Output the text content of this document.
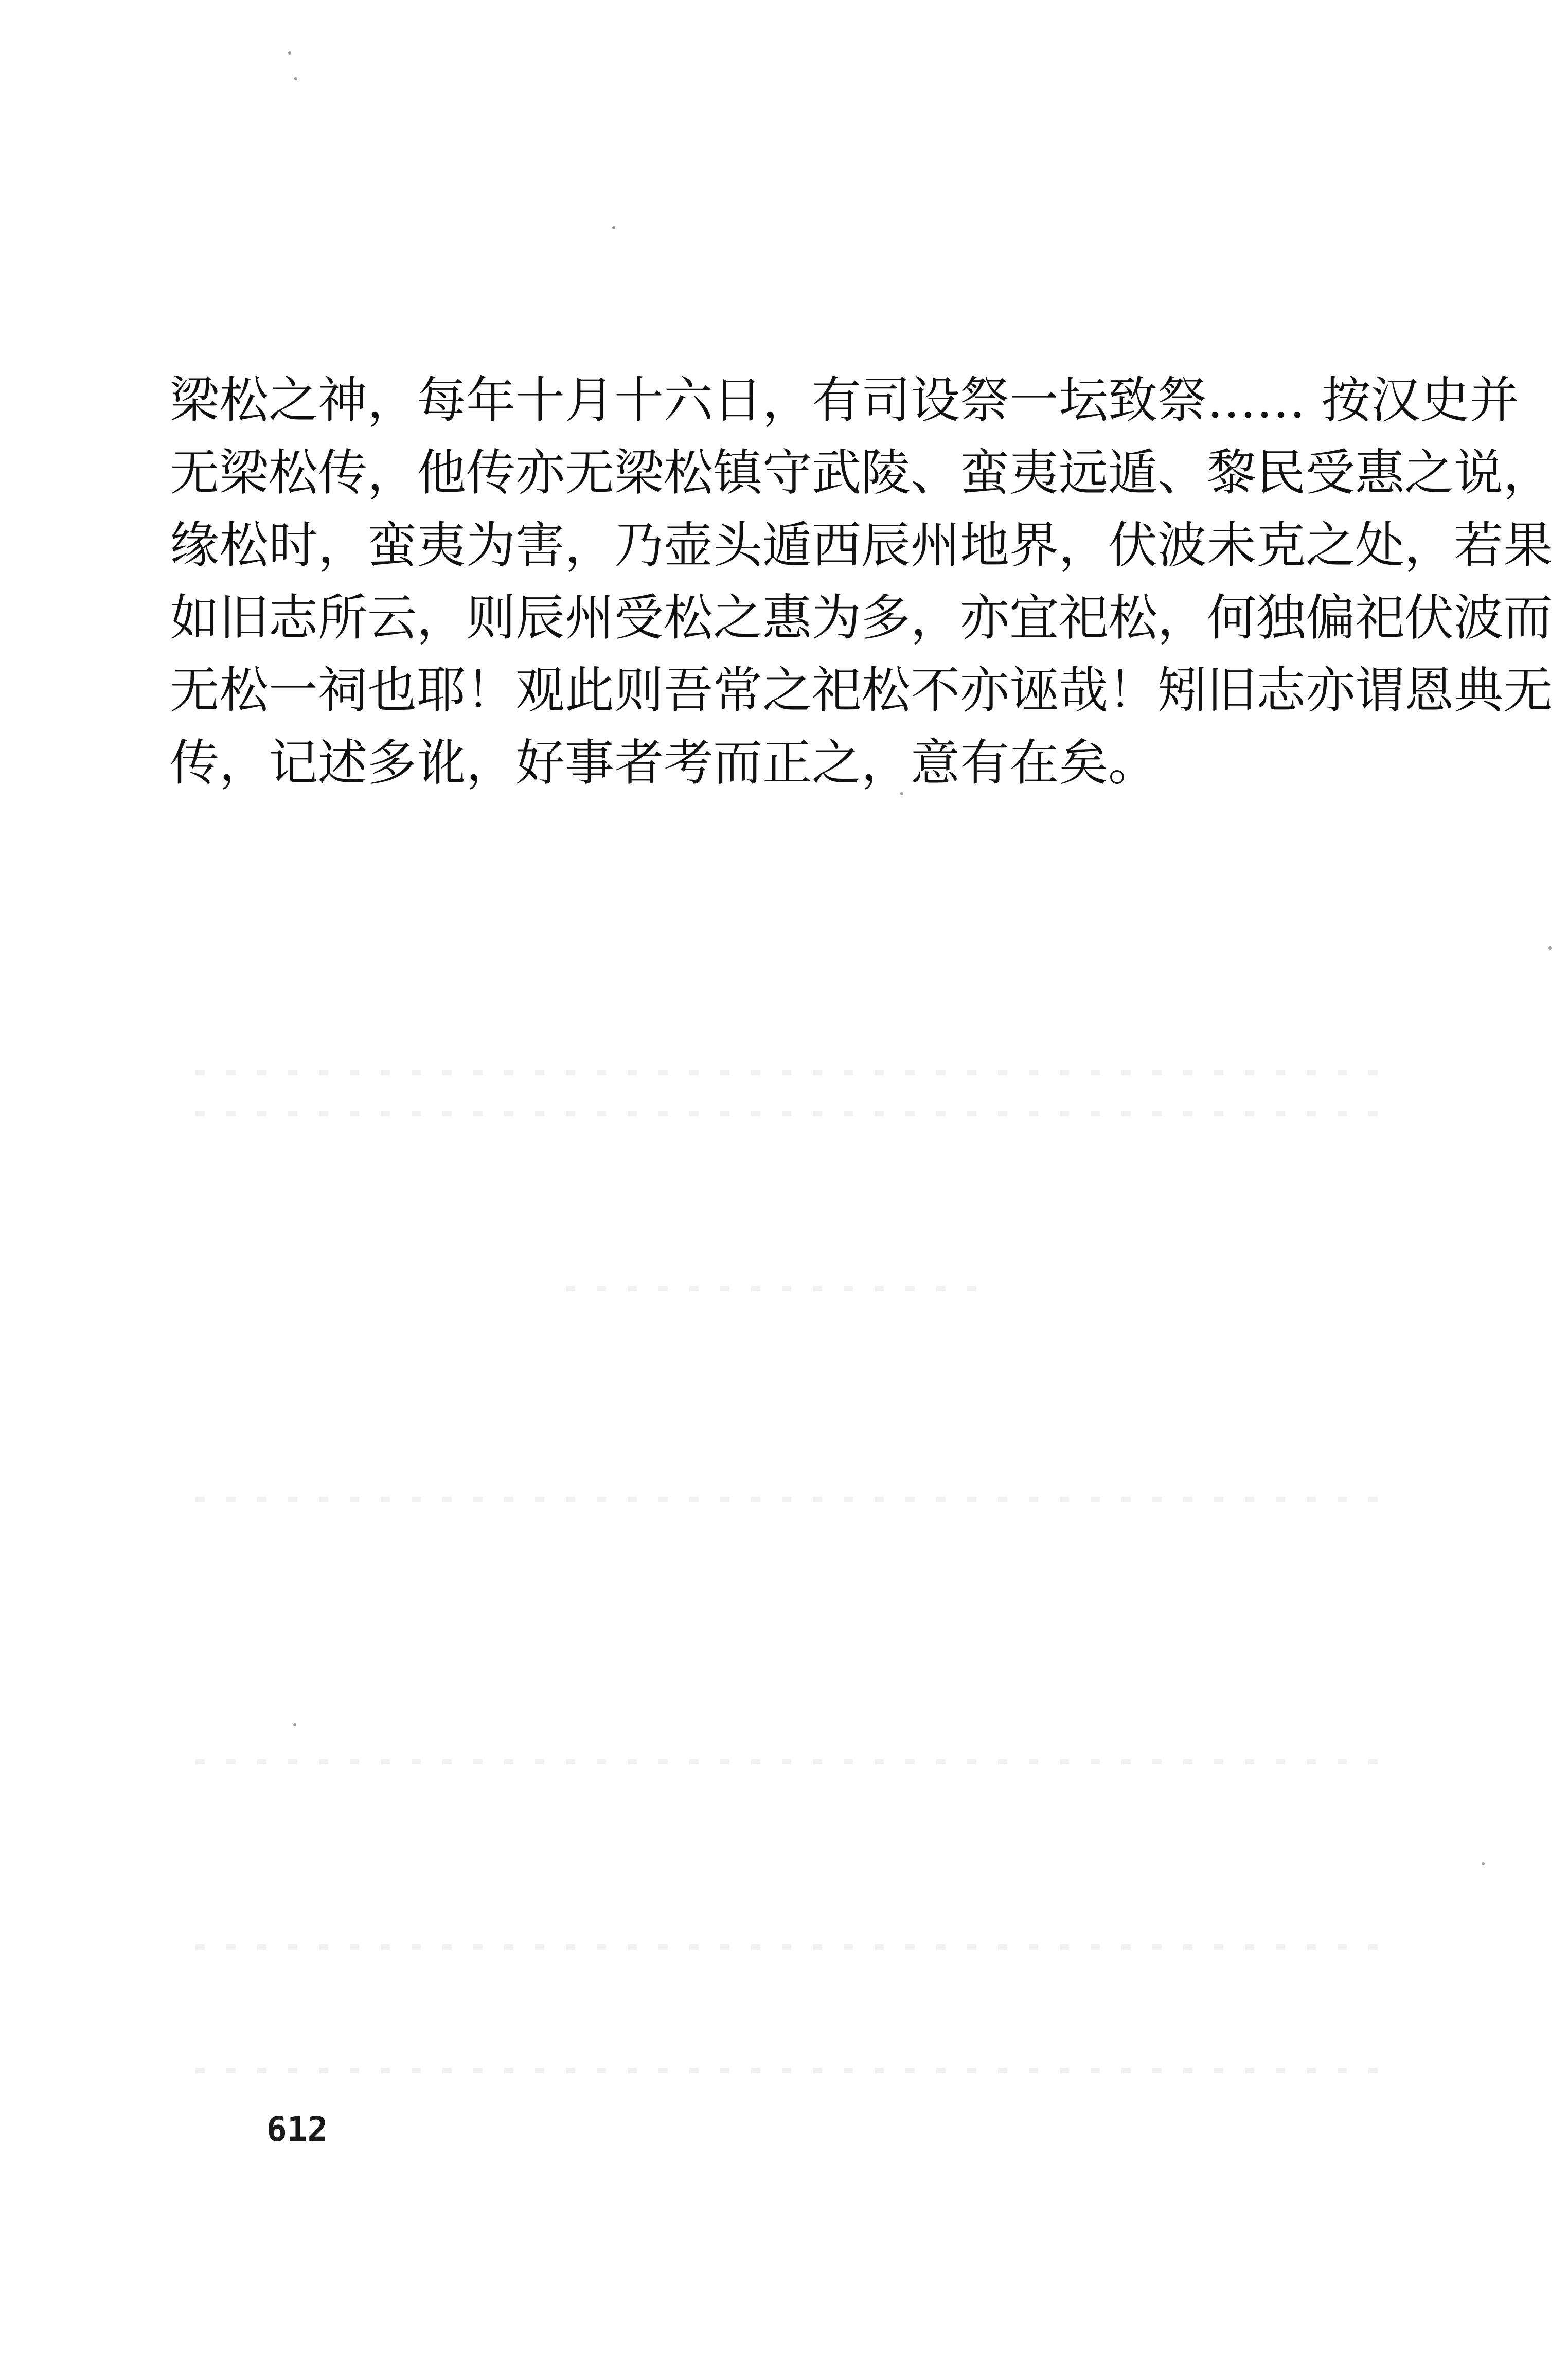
梁松之神，每年十月十六日，有司设祭一坛致祭…… 按汉史并
无梁松传，他传亦无梁松镇守武陵、蛮夷远遁、黎民受惠之说，
缘松时，蛮夷为害，乃壶头遁西辰州地界，伏波未克之处，若果
如旧志所云，则辰州受松之惠为多，亦宜祀松，何独偏祀伏波而
无松一祠也耶！观此则吾常之祀松不亦诬哉！矧旧志亦谓恩典无
传，记述多讹，好事者考而正之，意有在矣。

612
